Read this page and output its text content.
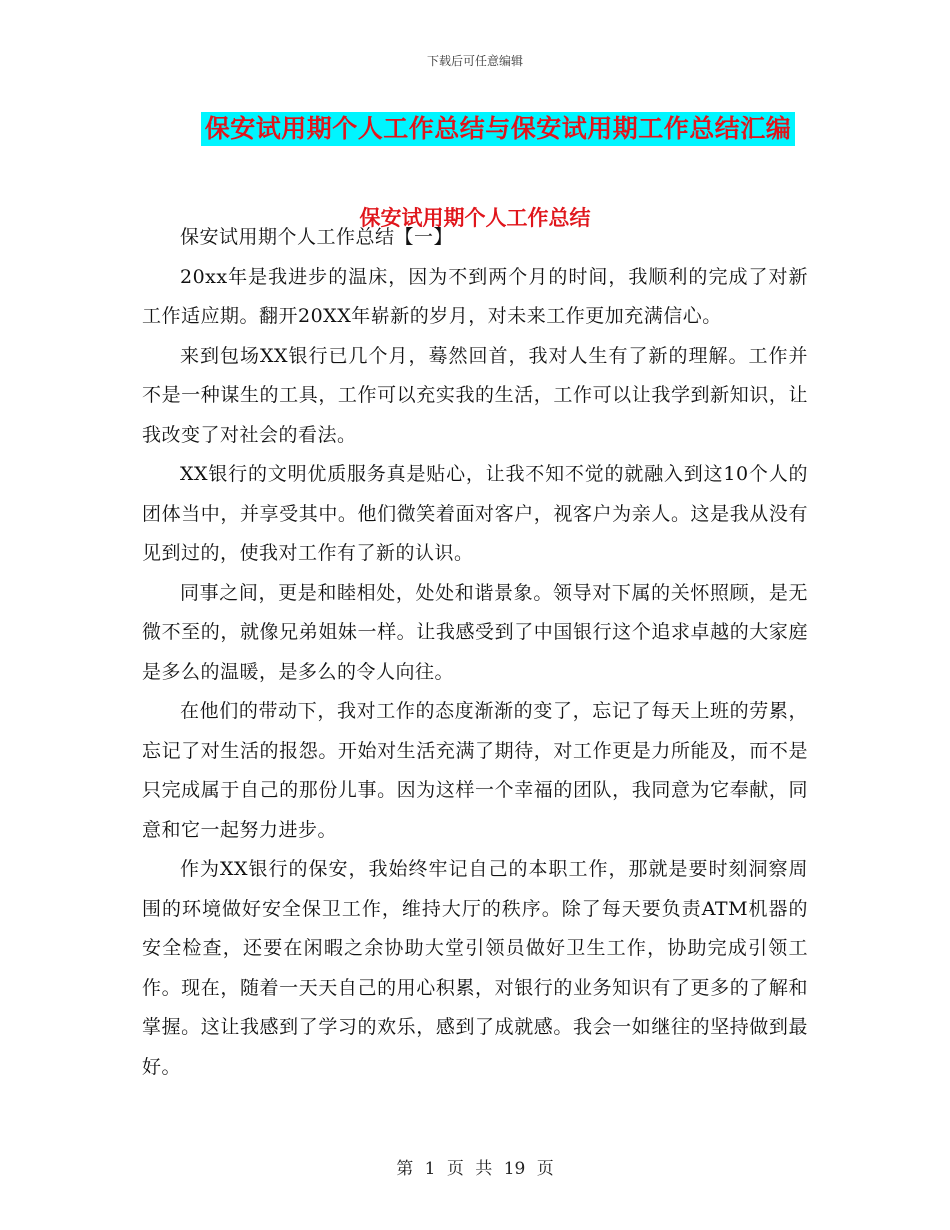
下载后可任意编辑
保安试用期个人工作总结与保安试用期工作总结汇编
保安试用期个人工作总结

保安试用期个人工作总结【一】

20xx年是我进步的温床，因为不到两个月的时间，我顺利的完成了对新工作适应期。翻开20XX年崭新的岁月，对未来工作更加充满信心。

来到包场XX银行已几个月，蓦然回首，我对人生有了新的理解。工作并不是一种谋生的工具，工作可以充实我的生活，工作可以让我学到新知识，让我改变了对社会的看法。

XX银行的文明优质服务真是贴心，让我不知不觉的就融入到这10个人的团体当中，并享受其中。他们微笑着面对客户，视客户为亲人。这是我从没有见到过的，使我对工作有了新的认识。

同事之间，更是和睦相处，处处和谐景象。领导对下属的关怀照顾，是无微不至的，就像兄弟姐妹一样。让我感受到了中国银行这个追求卓越的大家庭是多么的温暖，是多么的令人向往。

在他们的带动下，我对工作的态度渐渐的变了，忘记了每天上班的劳累，忘记了对生活的报怨。开始对生活充满了期待，对工作更是力所能及，而不是只完成属于自己的那份儿事。因为这样一个幸福的团队，我同意为它奉献，同意和它一起努力进步。

作为XX银行的保安，我始终牢记自己的本职工作，那就是要时刻洞察周围的环境做好安全保卫工作，维持大厅的秩序。除了每天要负责ATM机器的安全检查，还要在闲暇之余协助大堂引领员做好卫生工作，协助完成引领工作。现在，随着一天天自己的用心积累，对银行的业务知识有了更多的了解和掌握。这让我感到了学习的欢乐，感到了成就感。我会一如继往的坚持做到最好。

第 1 页 共 19 页
